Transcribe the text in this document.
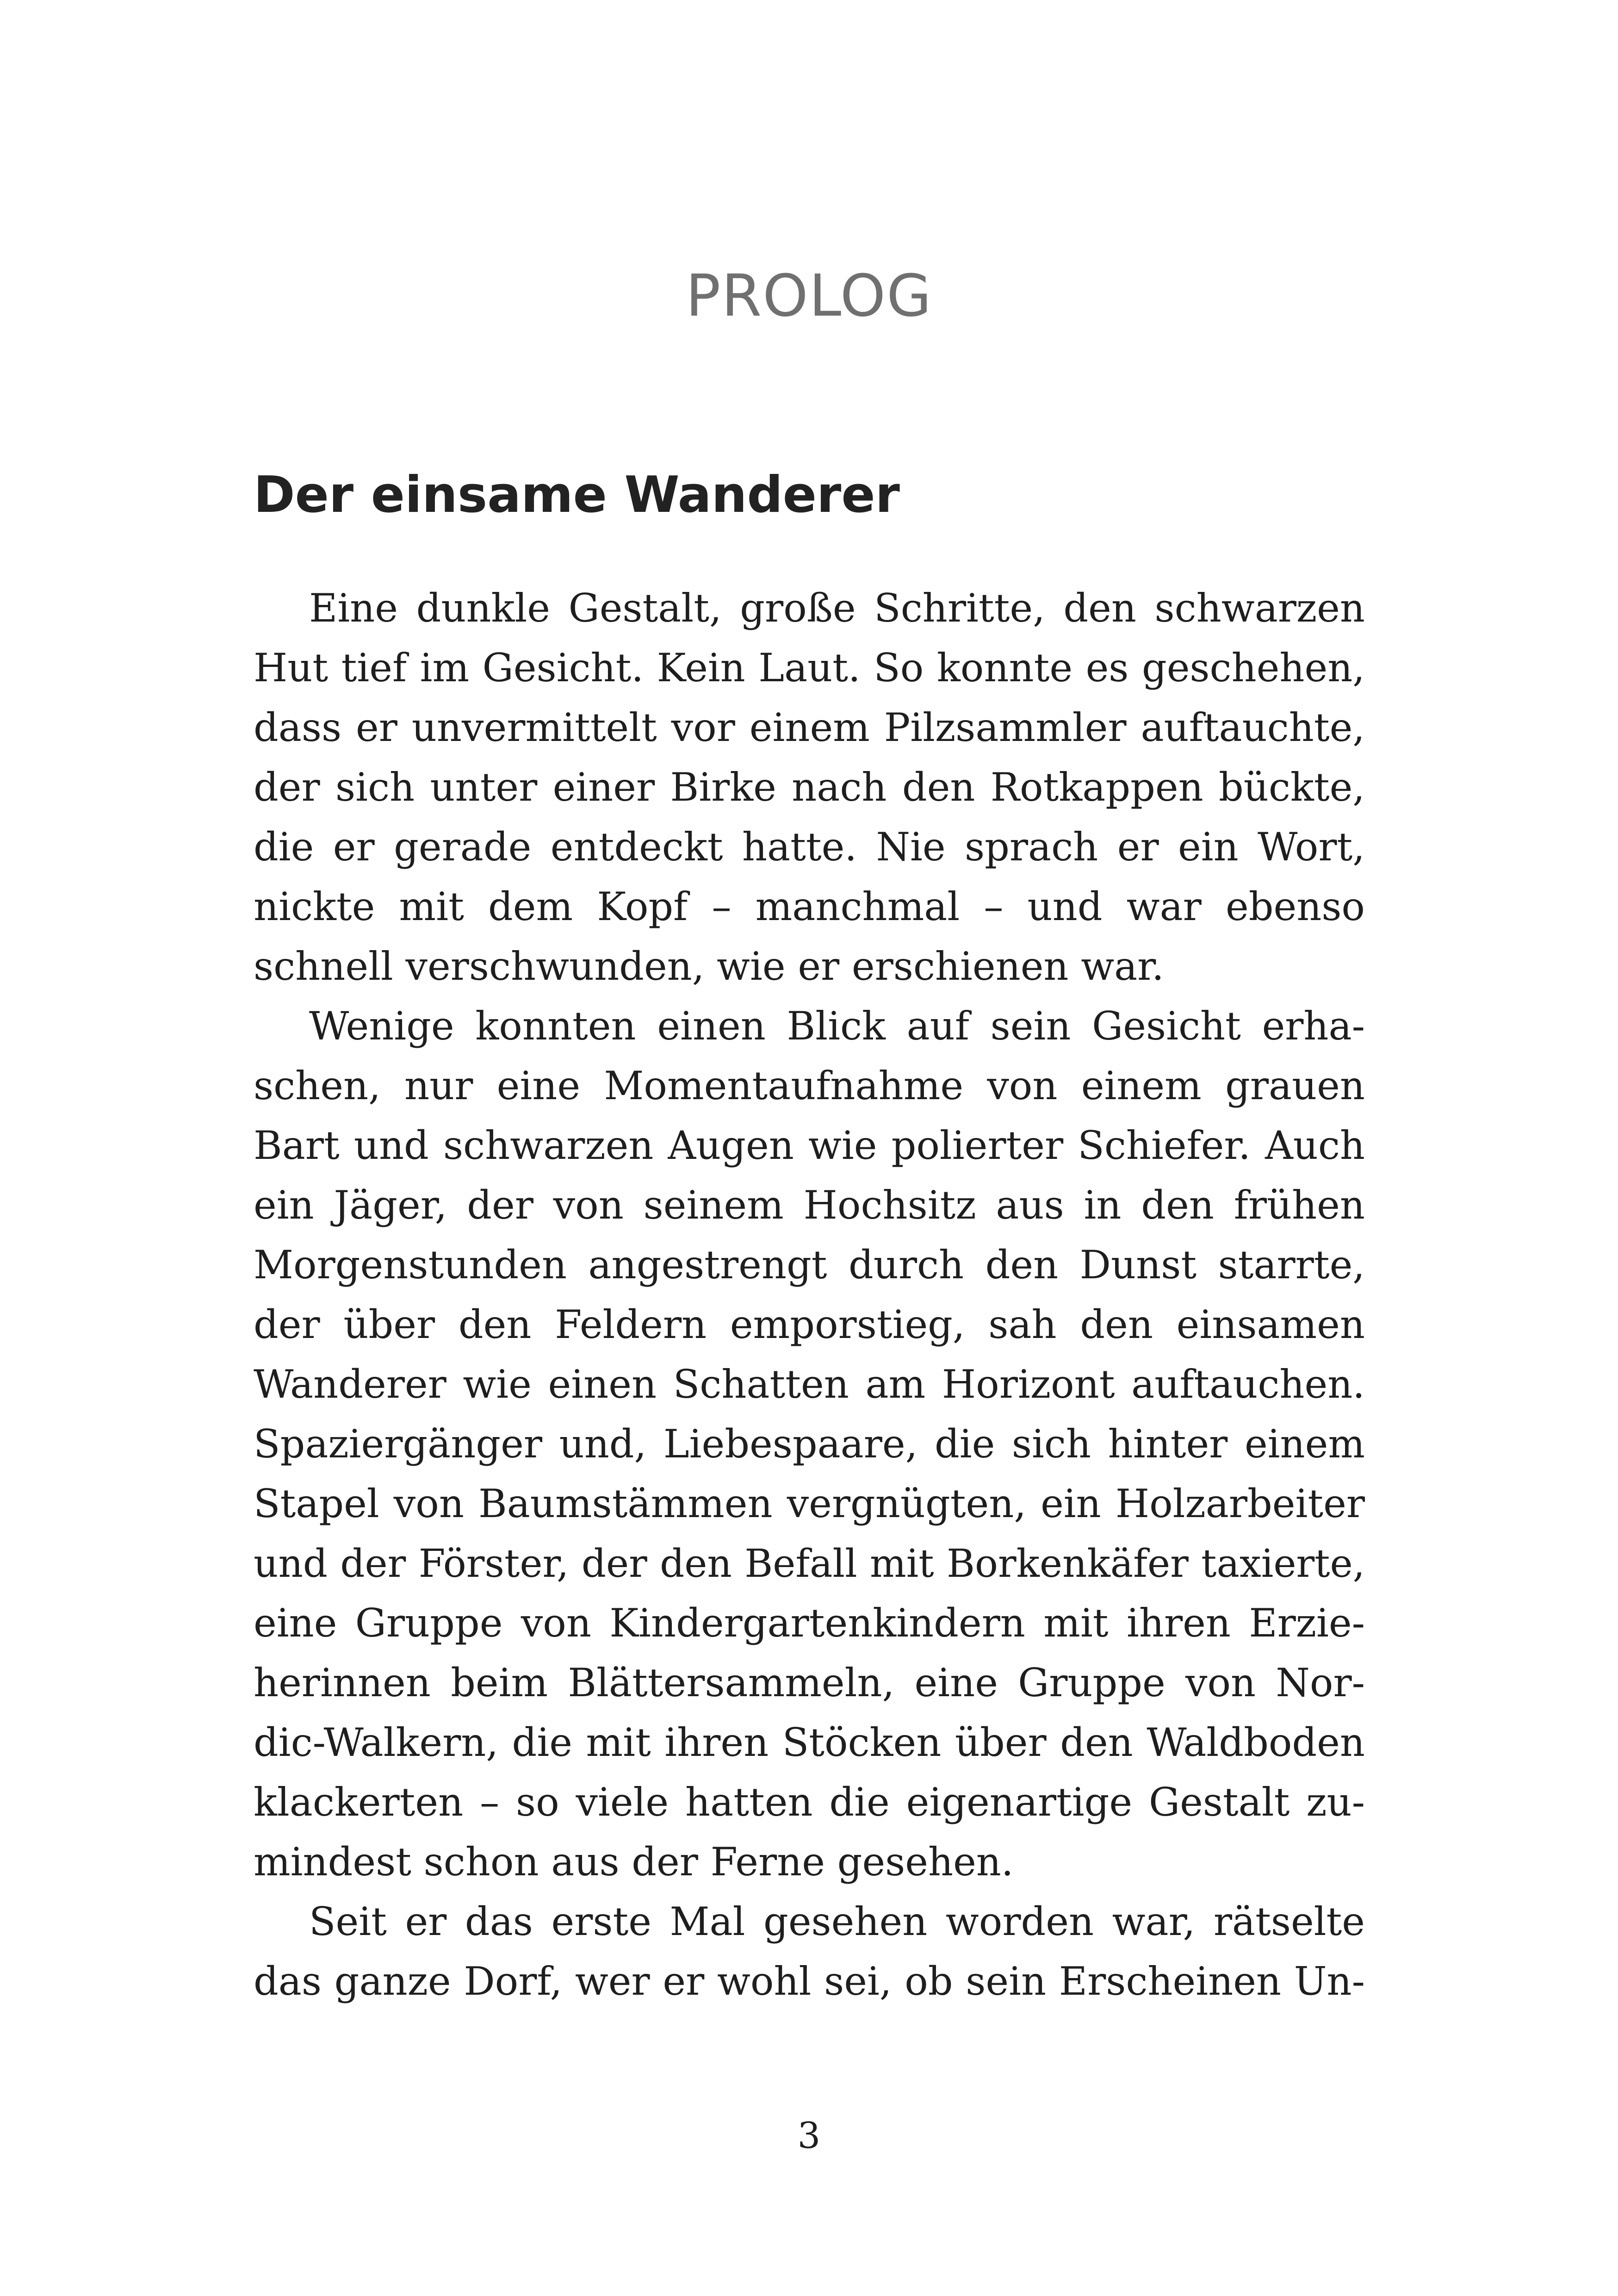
PROLOG
Der einsame Wanderer

Eine dunkle Gestalt, große Schritte, den schwarzen
Hut tief im Gesicht. Kein Laut. So konnte es geschehen,
dass er unvermittelt vor einem Pilzsammler auftauchte,
der sich unter einer Birke nach den Rotkappen bückte,
die er gerade entdeckt hatte. Nie sprach er ein Wort,
nickte mit dem Kopf – manchmal – und war ebenso
schnell verschwunden, wie er erschienen war.

Wenige konnten einen Blick auf sein Gesicht erha-
schen, nur eine Momentaufnahme von einem grauen
Bart und schwarzen Augen wie polierter Schiefer. Auch
ein Jäger, der von seinem Hochsitz aus in den frühen
Morgenstunden angestrengt durch den Dunst starrte,
der über den Feldern emporstieg, sah den einsamen
Wanderer wie einen Schatten am Horizont auftauchen.
Spaziergänger und, Liebespaare, die sich hinter einem
Stapel von Baumstämmen vergnügten, ein Holzarbeiter
und der Förster, der den Befall mit Borkenkäfer taxierte,
eine Gruppe von Kindergartenkindern mit ihren Erzie-
herinnen beim Blättersammeln, eine Gruppe von Nor-
dic-Walkern, die mit ihren Stöcken über den Waldboden
klackerten – so viele hatten die eigenartige Gestalt zu-
mindest schon aus der Ferne gesehen.

Seit er das erste Mal gesehen worden war, rätselte
das ganze Dorf, wer er wohl sei, ob sein Erscheinen Un-

3
